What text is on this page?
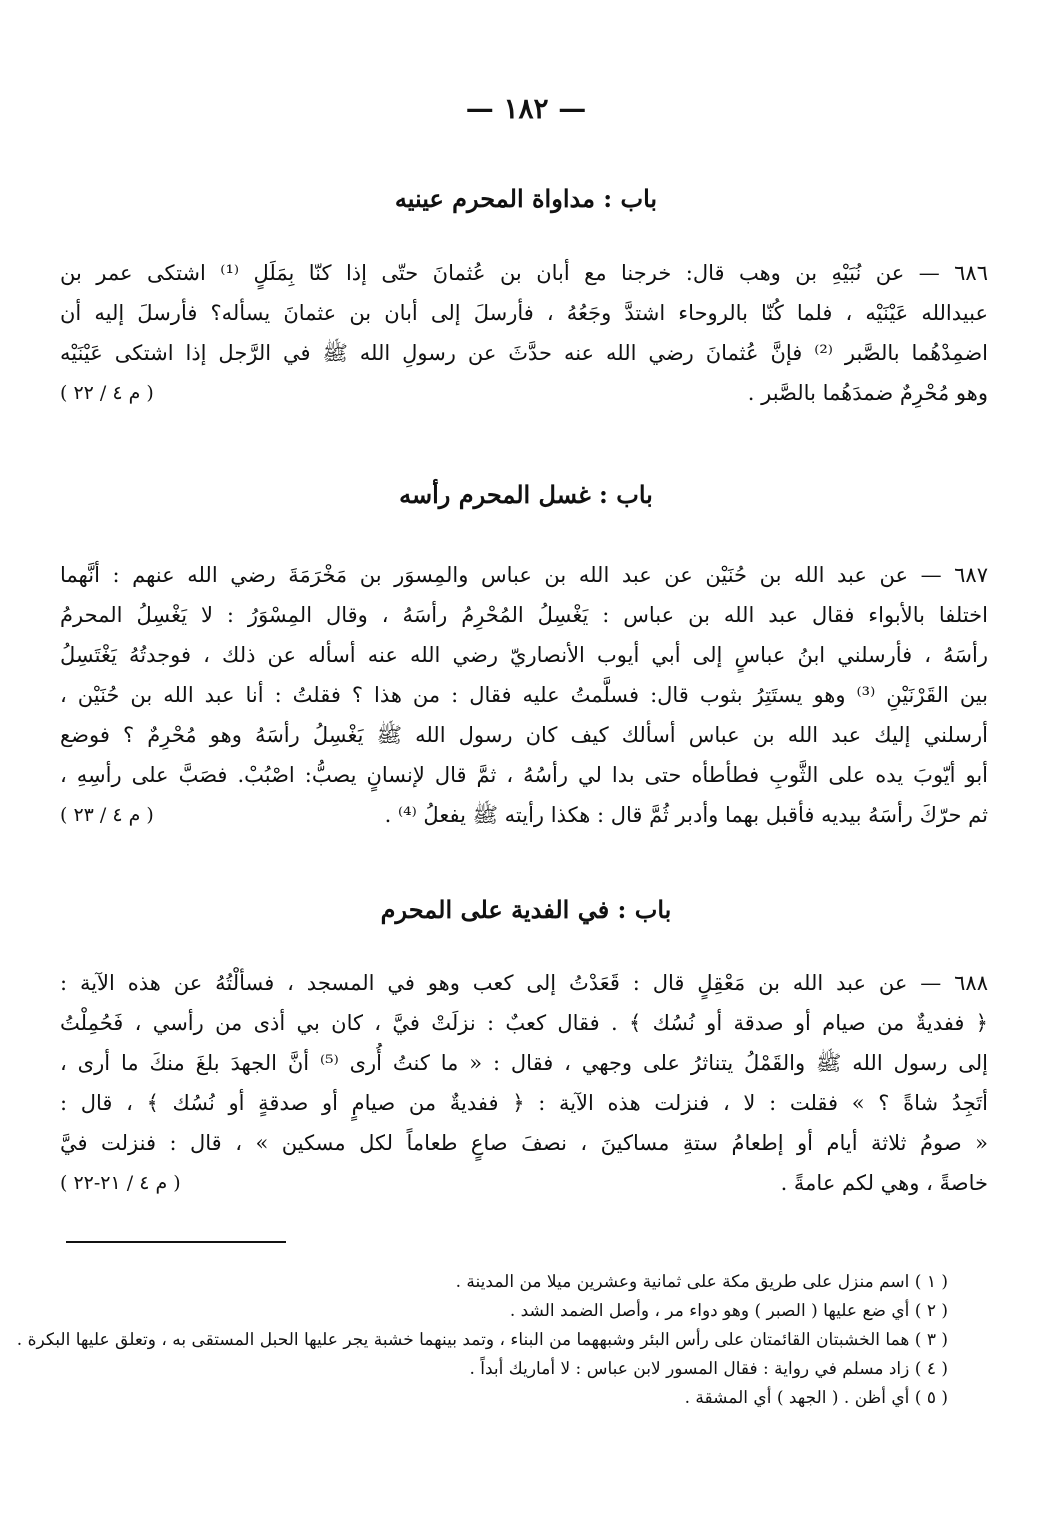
— ١٨٢ —
باب : مداواة المحرم عينيه
٦٨٦ — عن نُبَيْهِ بن وهب قال: خرجنا مع أبان بن عُثمانَ حتّى إذا كنّا بِمَلَلٍ ⁽¹⁾ اشتكى عمر بن
عبيدالله عَيْنَيْه ، فلما كُنّا بالروحاء اشتدَّ وجَعُهُ ، فأرسلَ إلى أبان بن عثمانَ يسأله؟ فأرسلَ إليه أن
اضمِدْهُما بالصَّبر ⁽²⁾ فإنَّ عُثمانَ رضي الله عنه حدَّثَ عن رسولِ الله ﷺ في الرَّجل إذا اشتكى عَيْنَيْه
وهو مُحْرِمٌ ضمدَهُما بالصَّبر .
( م ٤ / ٢٢ )
باب : غسل المحرم رأسه
٦٨٧ — عن عبد الله بن حُنَيْن عن عبد الله بن عباس والمِسوَر بن مَخْرَمَةَ رضي الله عنهم : أنَّهما
اختلفا بالأبواء فقال عبد الله بن عباس : يَغْسِلُ المُحْرِمُ رأسَهُ ، وقال المِسْوَرُ : لا يَغْسِلُ المحرمُ
رأسَهُ ، فأرسلني ابنُ عباسٍ إلى أبي أيوب الأنصاريّ رضي الله عنه أسأله عن ذلك ، فوجدتُهُ يَغْتَسِلُ
بين القَرْنَيْنِ ⁽³⁾ وهو يستَتِرُ بثوب قال: فسلَّمتُ عليه فقال : من هذا ؟ فقلتُ : أنا عبد الله بن حُنَيْن ،
أرسلني إليك عبد الله بن عباس أسألك كيف كان رسول الله ﷺ يَغْسِلُ رأسَهُ وهو مُحْرِمٌ ؟ فوضع
أبو أيّوبَ يده على الثَّوبِ فطأطأه حتى بدا لي رأسُهُ ، ثمَّ قال لإنسانٍ يصبُّ: اصْبُبْ. فصَبَّ على رأسِهِ ،
ثم حرّكَ رأسَهُ بيديه فأقبل بهما وأدبر ثُمَّ قال : هكذا رأيته ﷺ يفعلُ ⁽⁴⁾ .
( م ٤ / ٢٣ )
باب : في الفدية على المحرم
٦٨٨ — عن عبد الله بن مَعْقِلٍ قال : قَعَدْتُ إلى كعب وهو في المسجد ، فسألْتُهُ عن هذه الآية :
﴿ ففديةٌ من صيام أو صدقة أو نُسُك ﴾ . فقال كعبٌ : نزلَتْ فيَّ ، كان بي أذى من رأسي ، فَحُمِلْتُ
إلى رسول الله ﷺ والقَمْلُ يتناثرُ على وجهي ، فقال : « ما كنتُ أُرى ⁽⁵⁾ أنَّ الجهدَ بلغَ منكَ ما أرى ،
أتَجِدُ شاةً ؟ » فقلت : لا ، فنزلت هذه الآية : ﴿ ففديةٌ من صيامٍ أو صدقةٍ أو نُسُك ﴾ ، قال :
« صومُ ثلاثة أيام أو إطعامُ ستةِ مساكينَ ، نصفَ صاعٍ طعاماً لكل مسكين » ، قال : فنزلت فيَّ
خاصةً ، وهي لكم عامةً .
( م ٤ / ٢١-٢٢ )
( ١ ) اسم منزل على طريق مكة على ثمانية وعشرين ميلا من المدينة .
( ٢ ) أي ضع عليها ( الصبر ) وهو دواء مر ، وأصل الضمد الشد .
( ٣ ) هما الخشبتان القائمتان على رأس البئر وشبههما من البناء ، وتمد بينهما خشبة يجر عليها الحبل المستقى به ، وتعلق عليها البكرة .
( ٤ ) زاد مسلم في رواية : فقال المسور لابن عباس : لا أماريك أبداً .
( ٥ ) أي أظن . ( الجهد ) أي المشقة .
